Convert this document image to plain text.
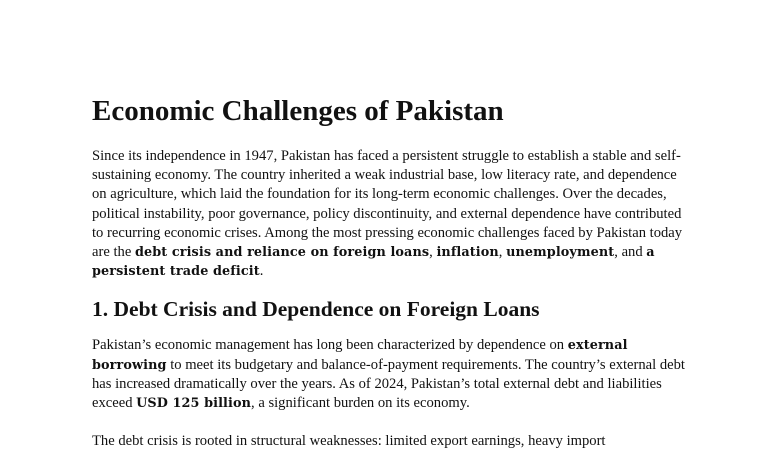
Economic Challenges of Pakistan

Since its independence in 1947, Pakistan has faced a persistent struggle to establish a stable and self-sustaining economy. The country inherited a weak industrial base, low literacy rate, and dependence on agriculture, which laid the foundation for its long-term economic challenges. Over the decades, political instability, poor governance, policy discontinuity, and external dependence have contributed to recurring economic crises. Among the most pressing economic challenges faced by Pakistan today are the debt crisis and reliance on foreign loans, inflation, unemployment, and a persistent trade deficit.

1. Debt Crisis and Dependence on Foreign Loans

Pakistan’s economic management has long been characterized by dependence on external borrowing to meet its budgetary and balance-of-payment requirements. The country’s external debt has increased dramatically over the years. As of 2024, Pakistan’s total external debt and liabilities exceed USD 125 billion, a significant burden on its economy.

The debt crisis is rooted in structural weaknesses: limited export earnings, heavy import
